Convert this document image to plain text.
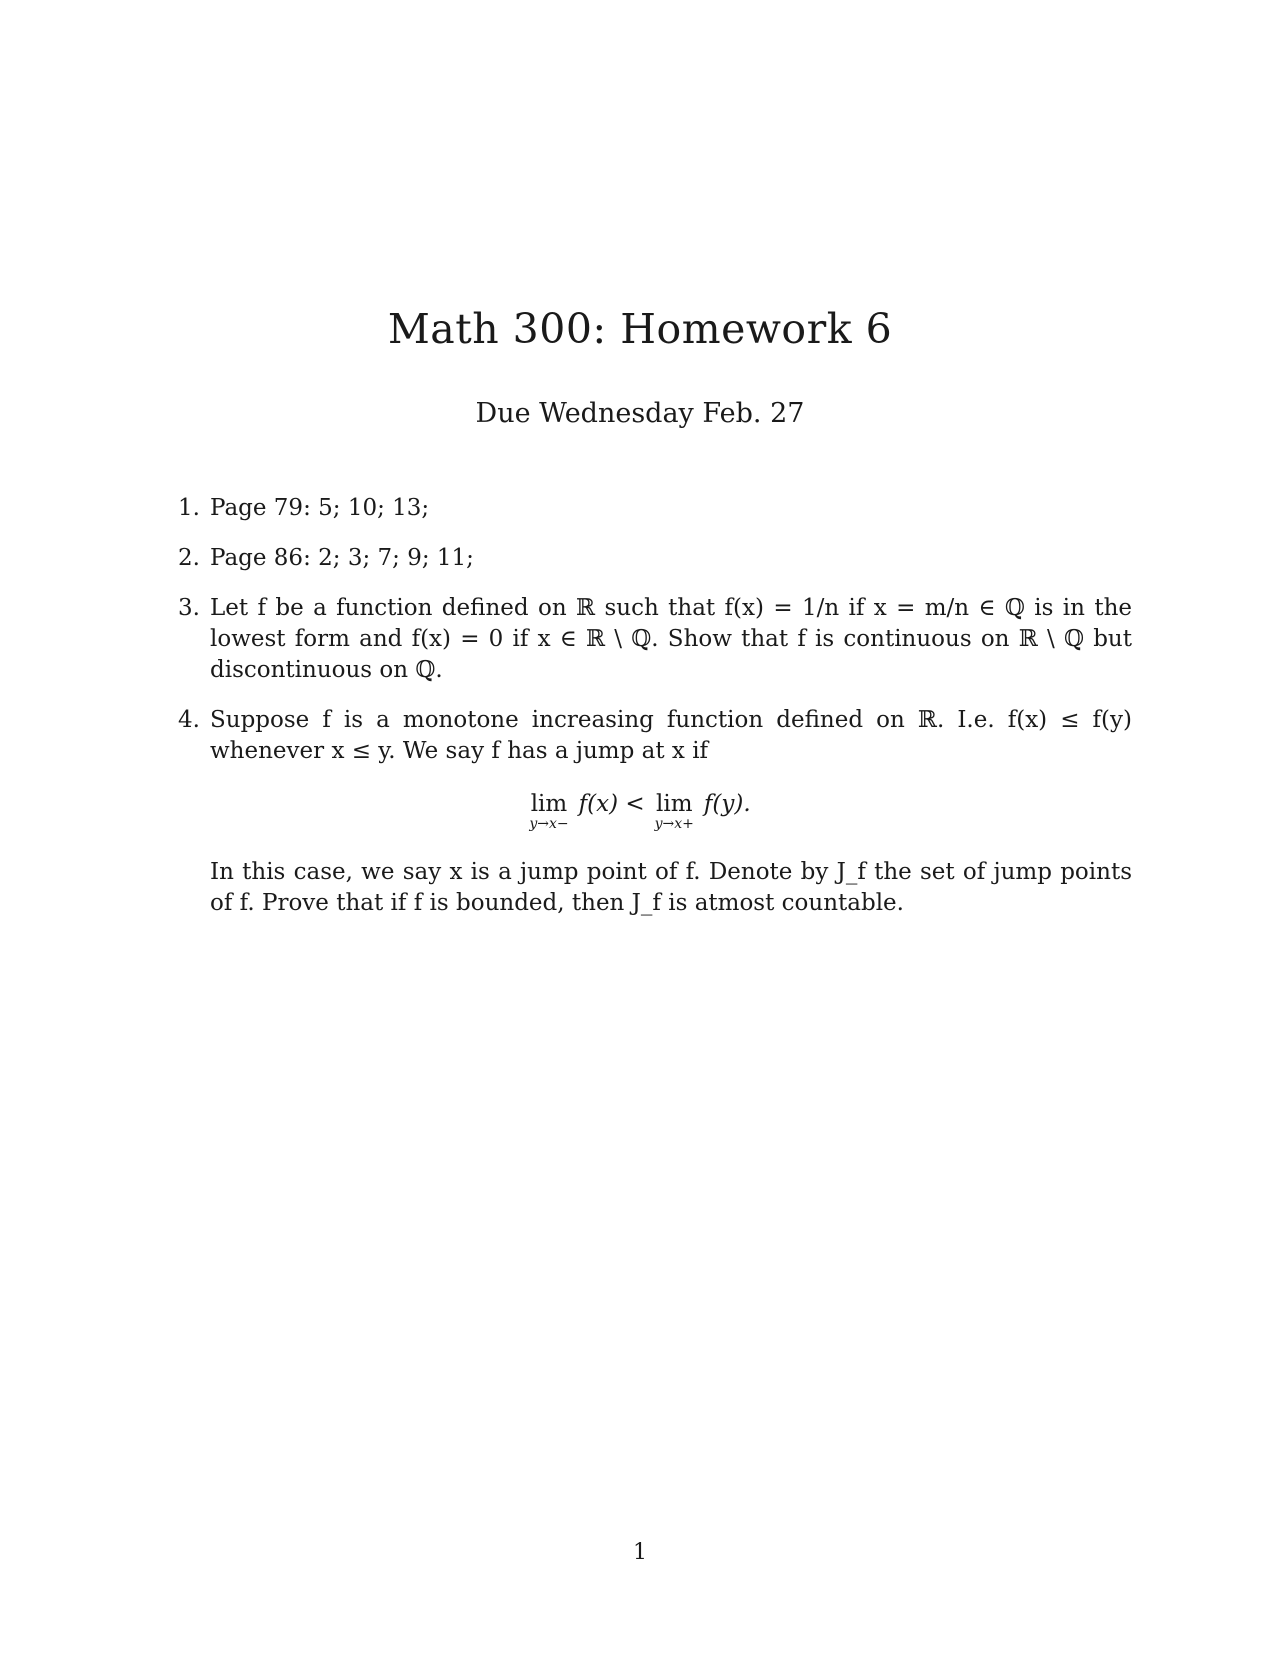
Math 300: Homework 6
Due Wednesday Feb. 27
1. Page 79: 5; 10; 13;

2. Page 86: 2; 3; 7; 9; 11;

3. Let f be a function defined on ℝ such that f(x) = 1/n if x = m/n ∈ ℚ is in the lowest form and f(x) = 0 if x ∈ ℝ \ ℚ. Show that f is continuous on ℝ \ ℚ but discontinuous on ℚ.

4. Suppose f is a monotone increasing function defined on ℝ. I.e. f(x) ≤ f(y) whenever x ≤ y. We say f has a jump at x if

lim
y→x−
f(x) < lim
y→x+
f(y).

In this case, we say x is a jump point of f. Denote by J_f the set of jump points of f. Prove that if f is bounded, then J_f is atmost countable.

1
